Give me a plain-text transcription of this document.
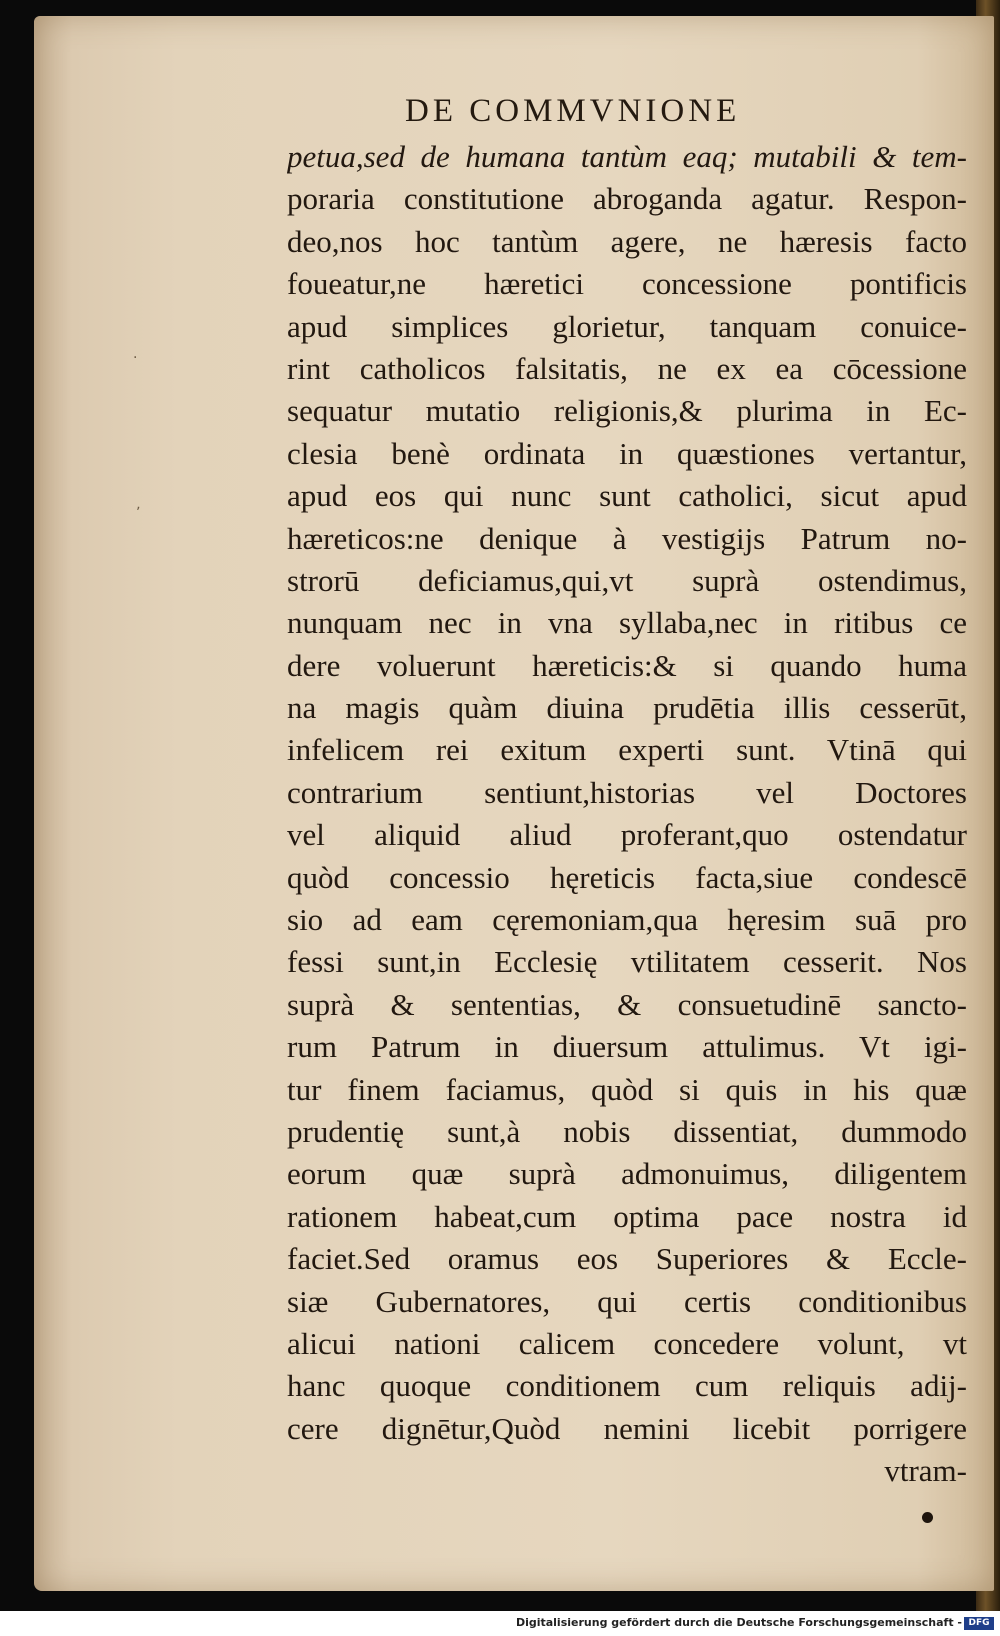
DE COMMVNIONE
petua,sed de humana tantùm eaq; mutabili & tem-
poraria constitutione abroganda agatur. Respon-
deo,nos hoc tantùm agere, ne hæresis facto
foueatur,ne hæretici concessione pontificis
apud simplices glorietur, tanquam conuice-
rint catholicos falsitatis, ne ex ea cōcessione
sequatur mutatio religionis,& plurima in Ec-
clesia benè ordinata in quæstiones vertantur,
apud eos qui nunc sunt catholici, sicut apud
hæreticos:ne denique à vestigijs Patrum no-
strorū deficiamus,qui,vt suprà ostendimus,
nunquam nec in vna syllaba,nec in ritibus ce
dere voluerunt hæreticis:& si quando huma
na magis quàm diuina prudētia illis cesserūt,
infelicem rei exitum experti sunt. Vtinā qui
contrarium sentiunt,historias vel Doctores
vel aliquid aliud proferant,quo ostendatur
quòd concessio hęreticis facta,siue condescē
sio ad eam cęremoniam,qua hęresim suā pro
fessi sunt,in Ecclesię vtilitatem cesserit. Nos
suprà & sententias, & consuetudinē sancto-
rum Patrum in diuersum attulimus. Vt igi-
tur finem faciamus, quòd si quis in his quæ
prudentię sunt,à nobis dissentiat, dummodo
eorum quæ suprà admonuimus, diligentem
rationem habeat,cum optima pace nostra id
faciet.Sed oramus eos Superiores & Eccle-
siæ Gubernatores, qui certis conditionibus
alicui nationi calicem concedere volunt, vt
hanc quoque conditionem cum reliquis adij-
cere dignētur,Quòd nemini licebit porrigere
vtram-
·
ʼ
Digitalisierung gefördert durch die Deutsche Forschungsgemeinschaft - DFG
